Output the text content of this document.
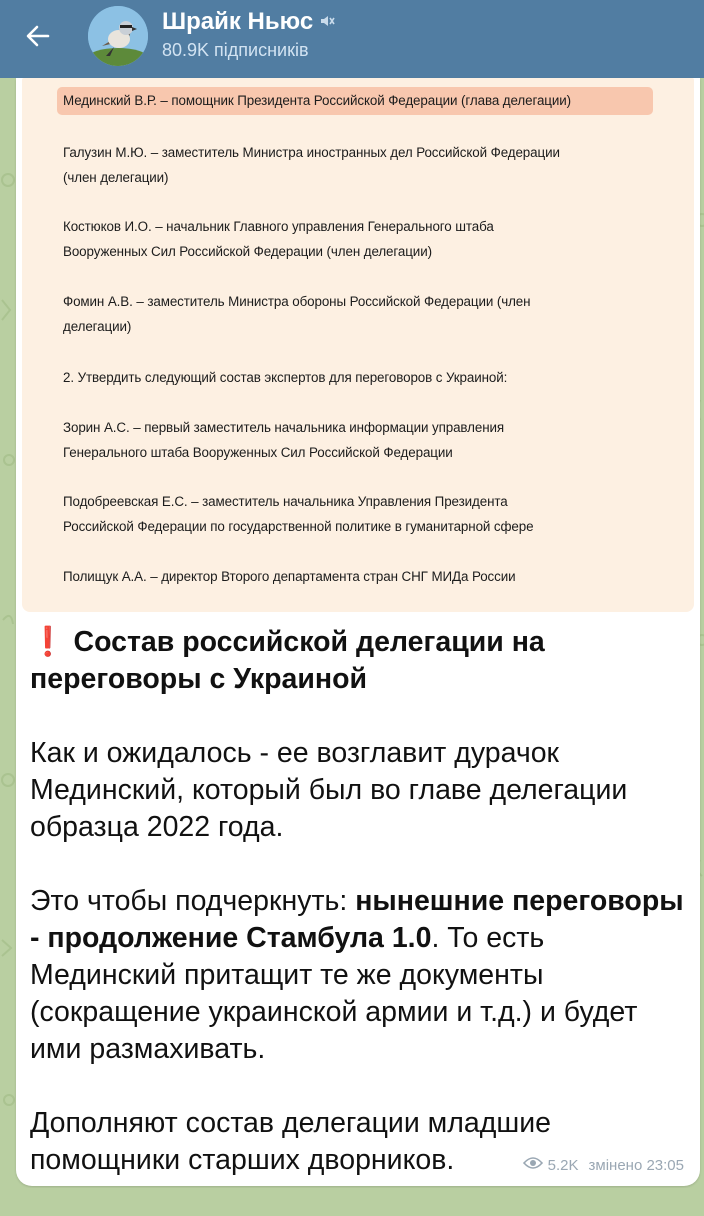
Шрайк Ньюс
80.9K підписників
Мединский В.Р. – помощник Президента Российской Федерации (глава делегации)
Галузин М.Ю. – заместитель Министра иностранных дел Российской Федерации
(член делегации)
Костюков И.О. – начальник Главного управления Генерального штаба
Вооруженных Сил Российской Федерации (член делегации)
Фомин А.В. – заместитель Министра обороны Российской Федерации (член
делегации)
2. Утвердить следующий состав экспертов для переговоров с Украиной:
Зорин А.С. – первый заместитель начальника информации управления
Генерального штаба Вооруженных Сил Российской Федерации
Подобреевская Е.С. – заместитель начальника Управления Президента
Российской Федерации по государственной политике в гуманитарной сфере
Полищук А.А. – директор Второго департамента стран СНГ МИДа России

❗ Состав российской делегации на переговоры с Украиной

Как и ожидалось - ее возглавит дурачок Мединский, который был во главе делегации образца 2022 года.

Это чтобы подчеркнуть: нынешние переговоры - продолжение Стамбула 1.0. То есть Мединский притащит те же документы (сокращение украинской армии и т.д.) и будет ими размахивать.

Дополняют состав делегации младшие помощники старших дворников.	5.2K змінено 23:05
